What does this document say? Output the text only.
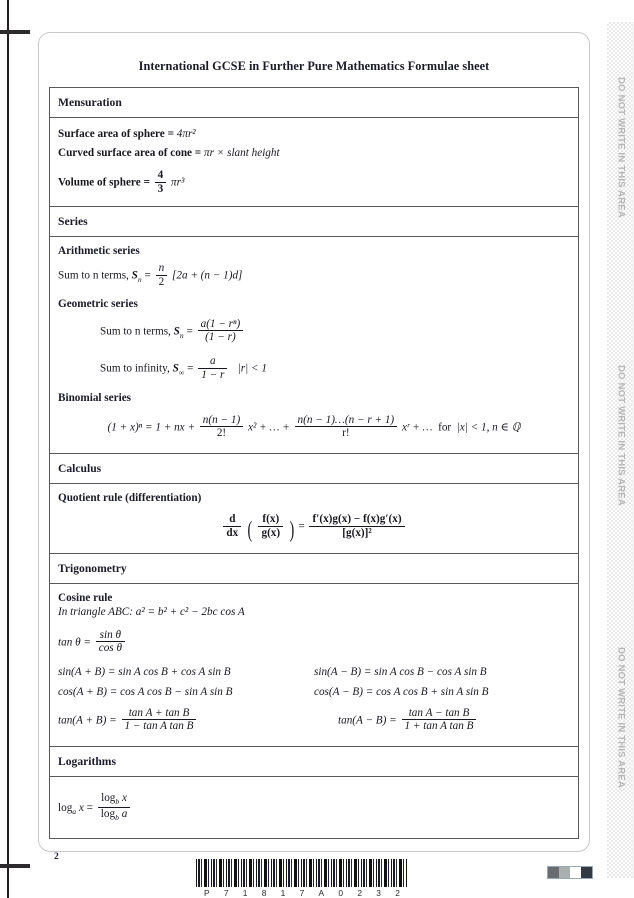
DO NOT WRITE IN THIS AREA
DO NOT WRITE IN THIS AREA
DO NOT WRITE IN THIS AREA
International GCSE in Further Pure Mathematics Formulae sheet
Mensuration
Surface area of sphere = 4πr²
Curved surface area of cone = πr × slant height
Volume of sphere = $\frac{4}{3} \pi r^3$
Series
Arithmetic series
Sum to n terms, $S_n = \frac{n}{2} [2a + (n - 1)d]$
Geometric series
Sum to n terms, $S_n = \frac{\text{a(1 − rⁿ)}}{(1 - r)}$
Sum to infinity, $S_\infty = \frac{a}{1 - r} |r| < 1$
Binomial series
(1 + x)ⁿ = 1 + nx + $\frac{n(n - 1)}{2!} x^2$ + … + $\frac{n(n - 1)\dots(n - r + 1)}{r!}$ xʳ + … for |x| < 1, n ∈ ℚ
Calculus
Quotient rule (differentiation)
$\frac{d}{dx}$ ( $\frac{f(x)}{g(x)}$ ) = $\frac{f'(x)g(x) - f(x)g'(x)}{\text{[g(x)]²}}$
Trigonometry
Cosine rule
In triangle ABC: a² = b² + c² − 2bc cos A
$\tan \theta = \frac{\text{sin θ}}{\text{cos θ}}$
sin(A + B) = sin A cos B + cos A sin B	sin(A − B) = sin A cos B − cos A sin B
cos(A + B) = cos A cos B − sin A sin B	cos(A − B) = cos A cos B + sin A sin B
$\tan(A + B) = \frac{\text{tan A + tan B}}{\text{1 − tan A tan B}}$	$\tan(A - B) = \frac{\text{tan A − tan B}}{\text{1 + tan A tan B}}$
Logarithms
$\log_a x = \frac{\log_b x}{\log_b a}$
2
P 7 1 8 1 7 A 0 2 3 2
